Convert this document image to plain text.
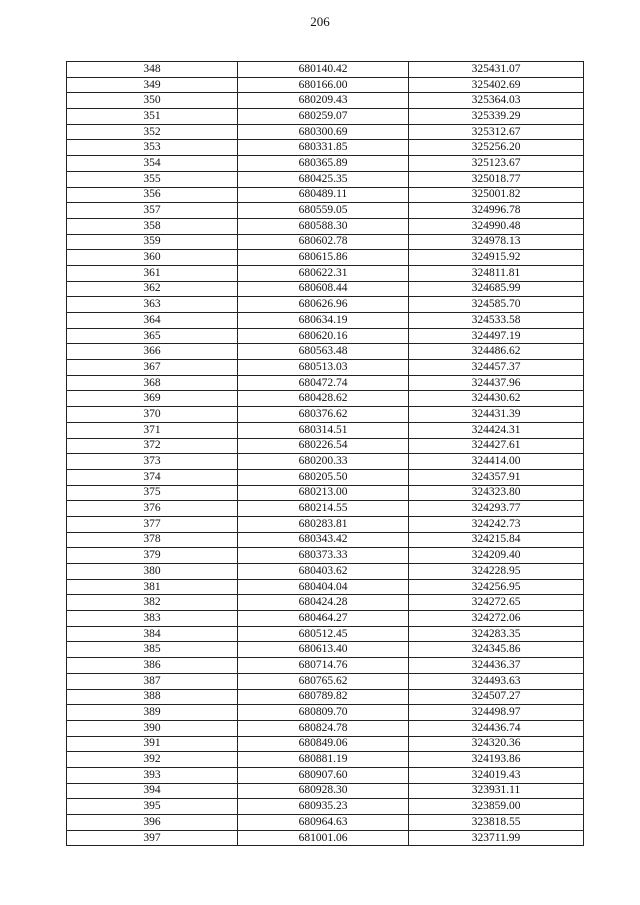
206
348	680140.42	325431.07
349	680166.00	325402.69
350	680209.43	325364.03
351	680259.07	325339.29
352	680300.69	325312.67
353	680331.85	325256.20
354	680365.89	325123.67
355	680425.35	325018.77
356	680489.11	325001.82
357	680559.05	324996.78
358	680588.30	324990.48
359	680602.78	324978.13
360	680615.86	324915.92
361	680622.31	324811.81
362	680608.44	324685.99
363	680626.96	324585.70
364	680634.19	324533.58
365	680620.16	324497.19
366	680563.48	324486.62
367	680513.03	324457.37
368	680472.74	324437.96
369	680428.62	324430.62
370	680376.62	324431.39
371	680314.51	324424.31
372	680226.54	324427.61
373	680200.33	324414.00
374	680205.50	324357.91
375	680213.00	324323.80
376	680214.55	324293.77
377	680283.81	324242.73
378	680343.42	324215.84
379	680373.33	324209.40
380	680403.62	324228.95
381	680404.04	324256.95
382	680424.28	324272.65
383	680464.27	324272.06
384	680512.45	324283.35
385	680613.40	324345.86
386	680714.76	324436.37
387	680765.62	324493.63
388	680789.82	324507.27
389	680809.70	324498.97
390	680824.78	324436.74
391	680849.06	324320.36
392	680881.19	324193.86
393	680907.60	324019.43
394	680928.30	323931.11
395	680935.23	323859.00
396	680964.63	323818.55
397	681001.06	323711.99
